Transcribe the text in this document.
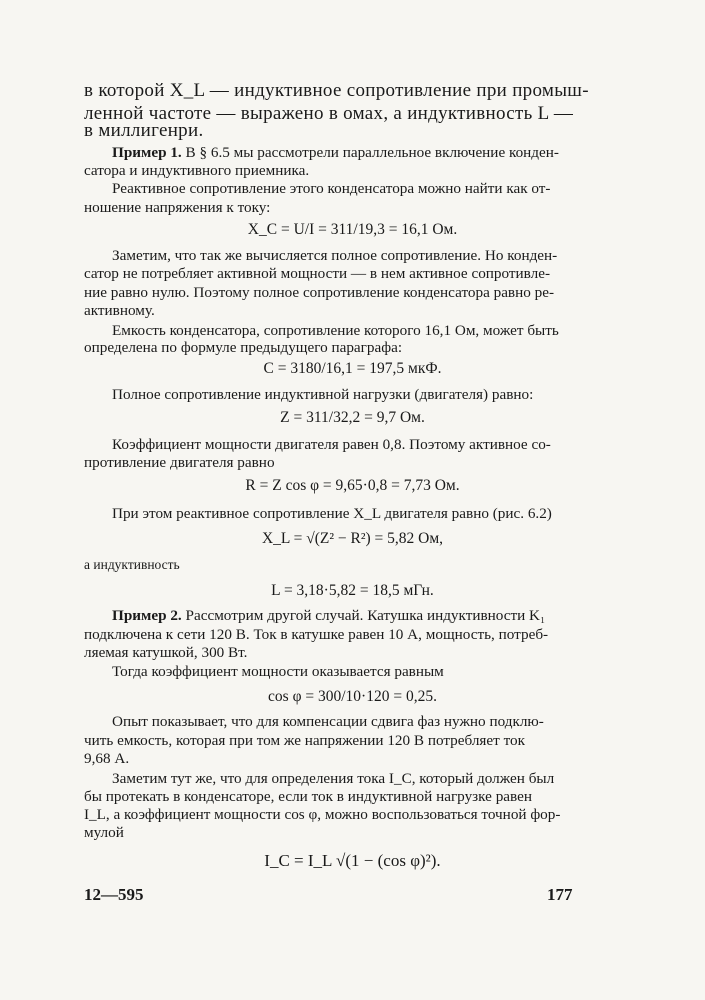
в которой X_L — индуктивное сопротивление при промыш-
ленной частоте — выражено в омах, а индуктивность L —
в миллигенри.
Пример 1. В § 6.5 мы рассмотрели параллельное включение конден-
сатора и индуктивного приемника.
Реактивное сопротивление этого конденсатора можно найти как от-
ношение напряжения к току:
X_C = U/I = 311/19,3 = 16,1 Ом.
Заметим, что так же вычисляется полное сопротивление. Но конден-
сатор не потребляет активной мощности — в нем активное сопротивле-
ние равно нулю. Поэтому полное сопротивление конденсатора равно ре-
активному.
Емкость конденсатора, сопротивление которого 16,1 Ом, может быть
определена по формуле предыдущего параграфа:
C = 3180/16,1 = 197,5 мкФ.
Полное сопротивление индуктивной нагрузки (двигателя) равно:
Z = 311/32,2 = 9,7 Ом.
Коэффициент мощности двигателя равен 0,8. Поэтому активное со-
противление двигателя равно
R = Z cos φ = 9,65·0,8 = 7,73 Ом.
При этом реактивное сопротивление X_L двигателя равно (рис. 6.2)
X_L = √(Z² − R²) = 5,82 Ом,
а индуктивность
L = 3,18·5,82 = 18,5 мГн.
Пример 2. Рассмотрим другой случай. Катушка индуктивности K₁
подключена к сети 120 В. Ток в катушке равен 10 А, мощность, потреб-
ляемая катушкой, 300 Вт.
Тогда коэффициент мощности оказывается равным
cos φ = 300/10·120 = 0,25.
Опыт показывает, что для компенсации сдвига фаз нужно подклю-
чить емкость, которая при том же напряжении 120 В потребляет ток
9,68 А.
Заметим тут же, что для определения тока I_C, который должен был
бы протекать в конденсаторе, если ток в индуктивной нагрузке равен
I_L, а коэффициент мощности cos φ, можно воспользоваться точной фор-
мулой
I_C = I_L √(1 − (cos φ)²).
12—595	177
